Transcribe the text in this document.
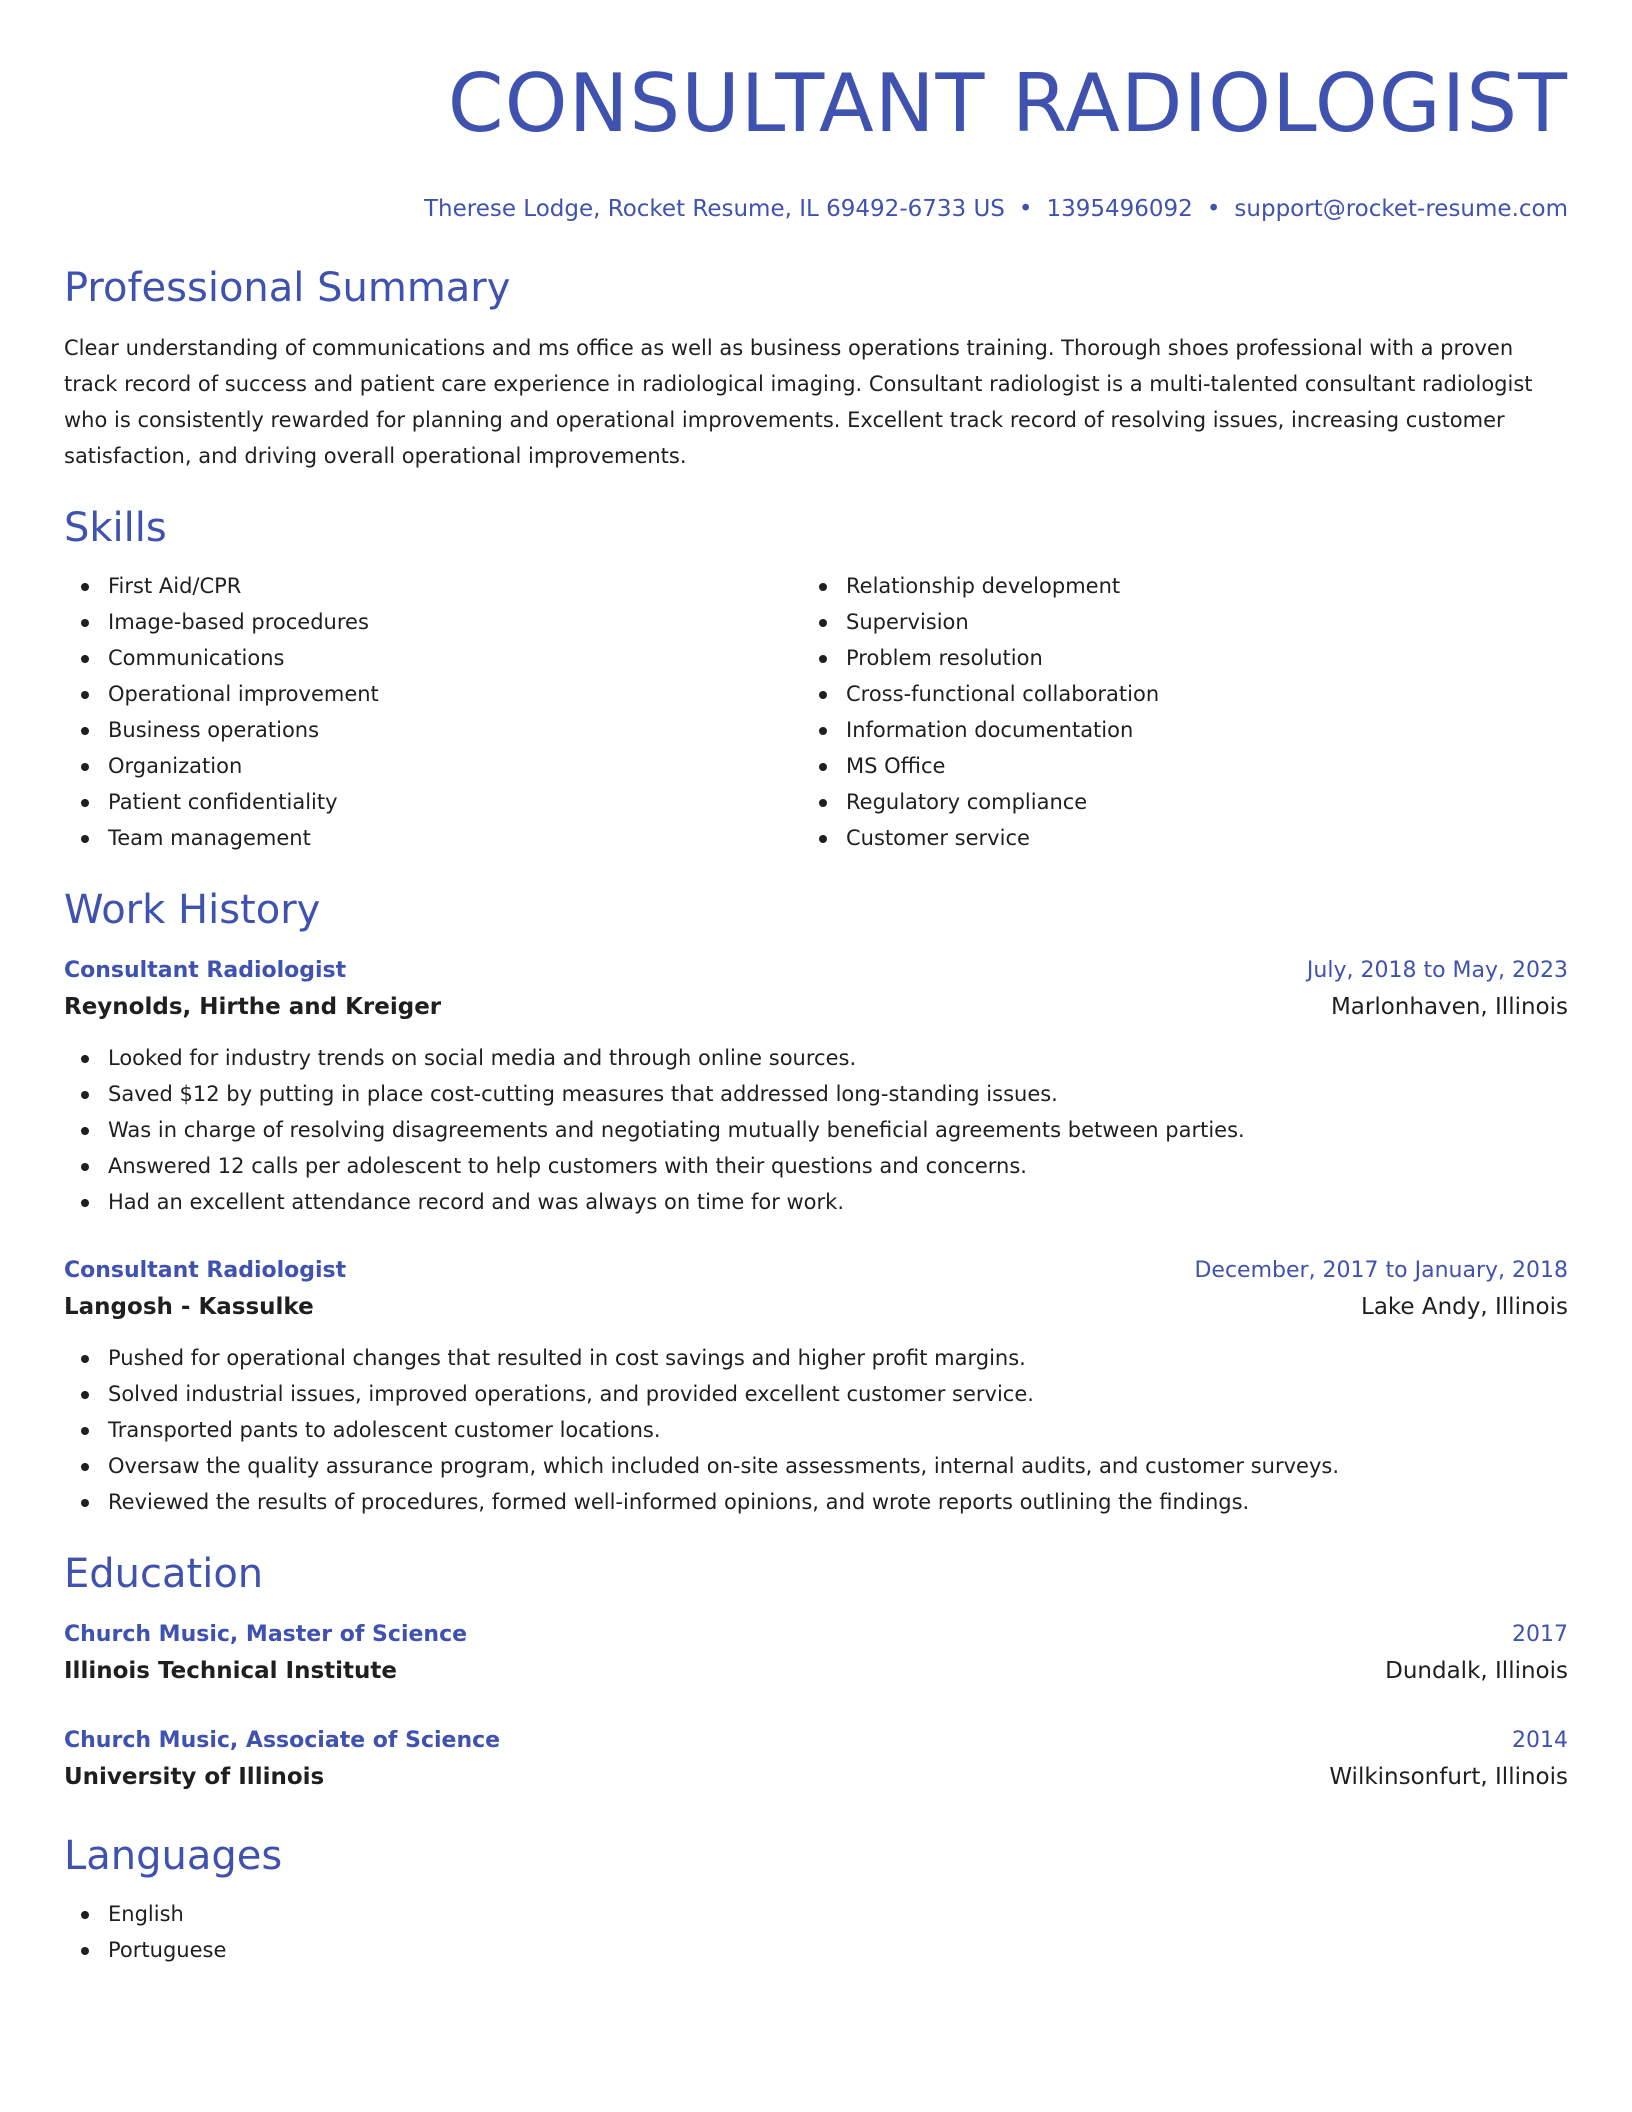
CONSULTANT RADIOLOGIST
Therese Lodge, Rocket Resume, IL 69492-6733 US • 1395496092 • support@rocket-resume.com
Professional Summary
Clear understanding of communications and ms office as well as business operations training. Thorough shoes professional with a proven track record of success and patient care experience in radiological imaging. Consultant radiologist is a multi-talented consultant radiologist who is consistently rewarded for planning and operational improvements. Excellent track record of resolving issues, increasing customer satisfaction, and driving overall operational improvements.
Skills
First Aid/CPR
Image-based procedures
Communications
Operational improvement
Business operations
Organization
Patient confidentiality
Team management
Relationship development
Supervision
Problem resolution
Cross-functional collaboration
Information documentation
MS Office
Regulatory compliance
Customer service
Work History
Consultant Radiologist	July, 2018 to May, 2023
Reynolds, Hirthe and Kreiger	Marlonhaven, Illinois
Looked for industry trends on social media and through online sources.
Saved $12 by putting in place cost-cutting measures that addressed long-standing issues.
Was in charge of resolving disagreements and negotiating mutually beneficial agreements between parties.
Answered 12 calls per adolescent to help customers with their questions and concerns.
Had an excellent attendance record and was always on time for work.
Consultant Radiologist	December, 2017 to January, 2018
Langosh - Kassulke	Lake Andy, Illinois
Pushed for operational changes that resulted in cost savings and higher profit margins.
Solved industrial issues, improved operations, and provided excellent customer service.
Transported pants to adolescent customer locations.
Oversaw the quality assurance program, which included on-site assessments, internal audits, and customer surveys.
Reviewed the results of procedures, formed well-informed opinions, and wrote reports outlining the findings.
Education
Church Music, Master of Science	2017
Illinois Technical Institute	Dundalk, Illinois
Church Music, Associate of Science	2014
University of Illinois	Wilkinsonfurt, Illinois
Languages
English
Portuguese
